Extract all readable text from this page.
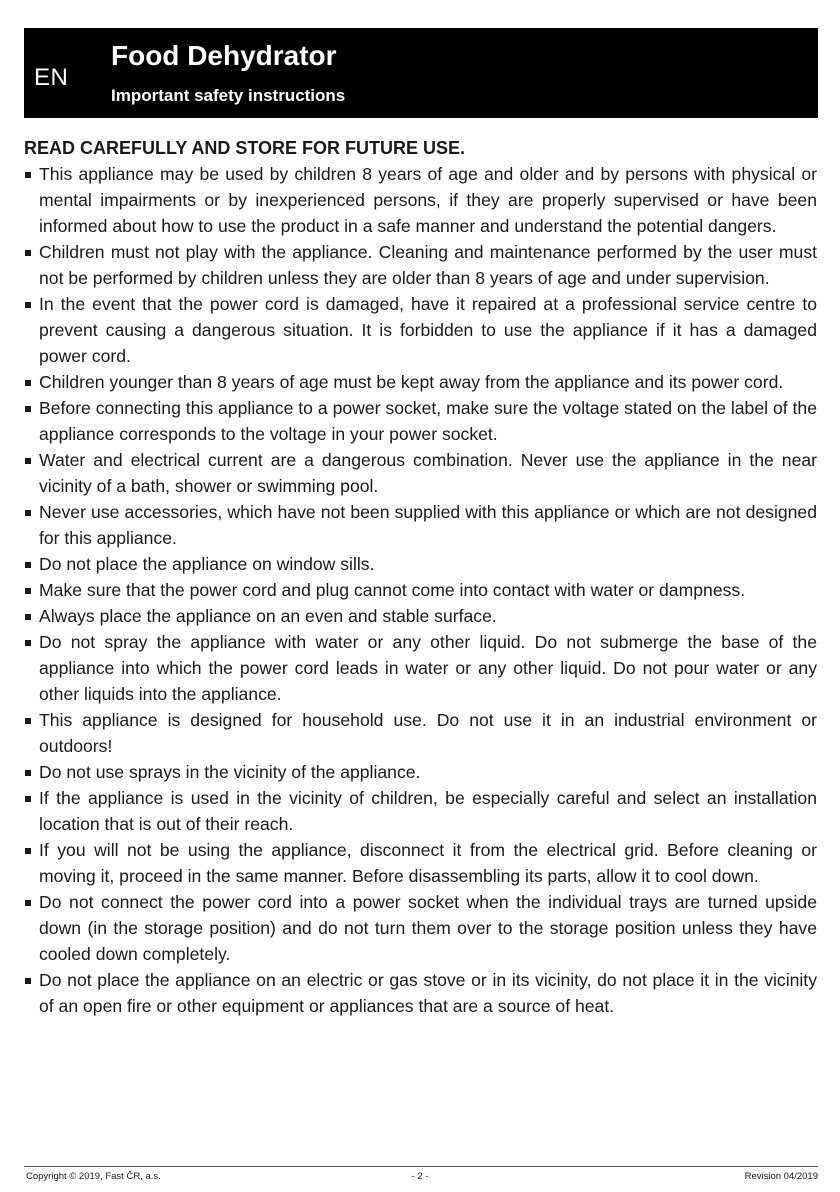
EN
Food Dehydrator
Important safety instructions
READ CAREFULLY AND STORE FOR FUTURE USE.
This appliance may be used by children 8 years of age and older and by persons with physical or mental impairments or by inexperienced persons, if they are properly supervised or have been informed about how to use the product in a safe manner and understand the potential dangers.
Children must not play with the appliance. Cleaning and maintenance performed by the user must not be performed by children unless they are older than 8 years of age and under supervision.
In the event that the power cord is damaged, have it repaired at a professional service centre to prevent causing a dangerous situation. It is forbidden to use the appliance if it has a damaged power cord.
Children younger than 8 years of age must be kept away from the appliance and its power cord.
Before connecting this appliance to a power socket, make sure the voltage stated on the label of the appliance corresponds to the voltage in your power socket.
Water and electrical current are a dangerous combination. Never use the appliance in the near vicinity of a bath, shower or swimming pool.
Never use accessories, which have not been supplied with this appliance or which are not designed for this appliance.
Do not place the appliance on window sills.
Make sure that the power cord and plug cannot come into contact with water or dampness.
Always place the appliance on an even and stable surface.
Do not spray the appliance with water or any other liquid. Do not submerge the base of the appliance into which the power cord leads in water or any other liquid. Do not pour water or any other liquids into the appliance.
This appliance is designed for household use. Do not use it in an industrial environment or outdoors!
Do not use sprays in the vicinity of the appliance.
If the appliance is used in the vicinity of children, be especially careful and select an installation location that is out of their reach.
If you will not be using the appliance, disconnect it from the electrical grid. Before cleaning or moving it, proceed in the same manner. Before disassembling its parts, allow it to cool down.
Do not connect the power cord into a power socket when the individual trays are turned upside down (in the storage position) and do not turn them over to the storage position unless they have cooled down completely.
Do not place the appliance on an electric or gas stove or in its vicinity, do not place it in the vicinity of an open fire or other equipment or appliances that are a source of heat.
Copyright © 2019, Fast ČR, a.s.	- 2 -	Revision 04/2019
